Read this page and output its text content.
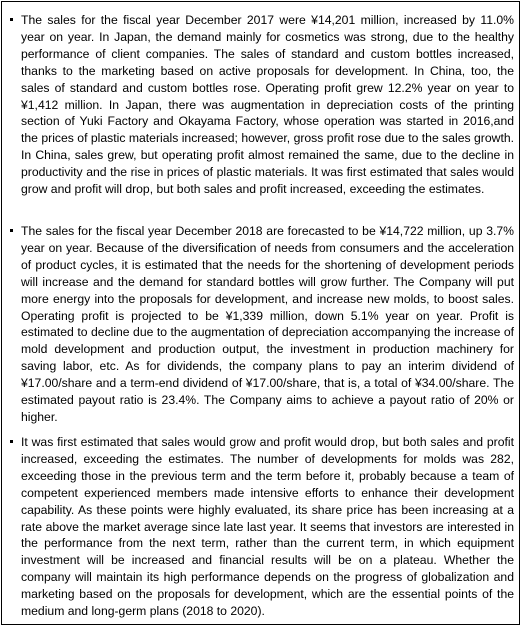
The sales for the fiscal year December 2017 were ¥14,201 million, increased by 11.0% year on year. In Japan, the demand mainly for cosmetics was strong, due to the healthy performance of client companies. The sales of standard and custom bottles increased, thanks to the marketing based on active proposals for development. In China, too, the sales of standard and custom bottles rose. Operating profit grew 12.2% year on year to ¥1,412 million. In Japan, there was augmentation in depreciation costs of the printing section of Yuki Factory and Okayama Factory, whose operation was started in 2016,and the prices of plastic materials increased; however, gross profit rose due to the sales growth. In China, sales grew, but operating profit almost remained the same, due to the decline in productivity and the rise in prices of plastic materials. It was first estimated that sales would grow and profit will drop, but both sales and profit increased, exceeding the estimates.
The sales for the fiscal year December 2018 are forecasted to be ¥14,722 million, up 3.7% year on year. Because of the diversification of needs from consumers and the acceleration of product cycles, it is estimated that the needs for the shortening of development periods will increase and the demand for standard bottles will grow further. The Company will put more energy into the proposals for development, and increase new molds, to boost sales. Operating profit is projected to be ¥1,339 million, down 5.1% year on year. Profit is estimated to decline due to the augmentation of depreciation accompanying the increase of mold development and production output, the investment in production machinery for saving labor, etc. As for dividends, the company plans to pay an interim dividend of ¥17.00/share and a term-end dividend of ¥17.00/share, that is, a total of ¥34.00/share. The estimated payout ratio is 23.4%. The Company aims to achieve a payout ratio of 20% or higher.
It was first estimated that sales would grow and profit would drop, but both sales and profit increased, exceeding the estimates. The number of developments for molds was 282, exceeding those in the previous term and the term before it, probably because a team of competent experienced members made intensive efforts to enhance their development capability. As these points were highly evaluated, its share price has been increasing at a rate above the market average since late last year. It seems that investors are interested in the performance from the next term, rather than the current term, in which equipment investment will be increased and financial results will be on a plateau. Whether the company will maintain its high performance depends on the progress of globalization and marketing based on the proposals for development, which are the essential points of the medium and long-germ plans (2018 to 2020).
